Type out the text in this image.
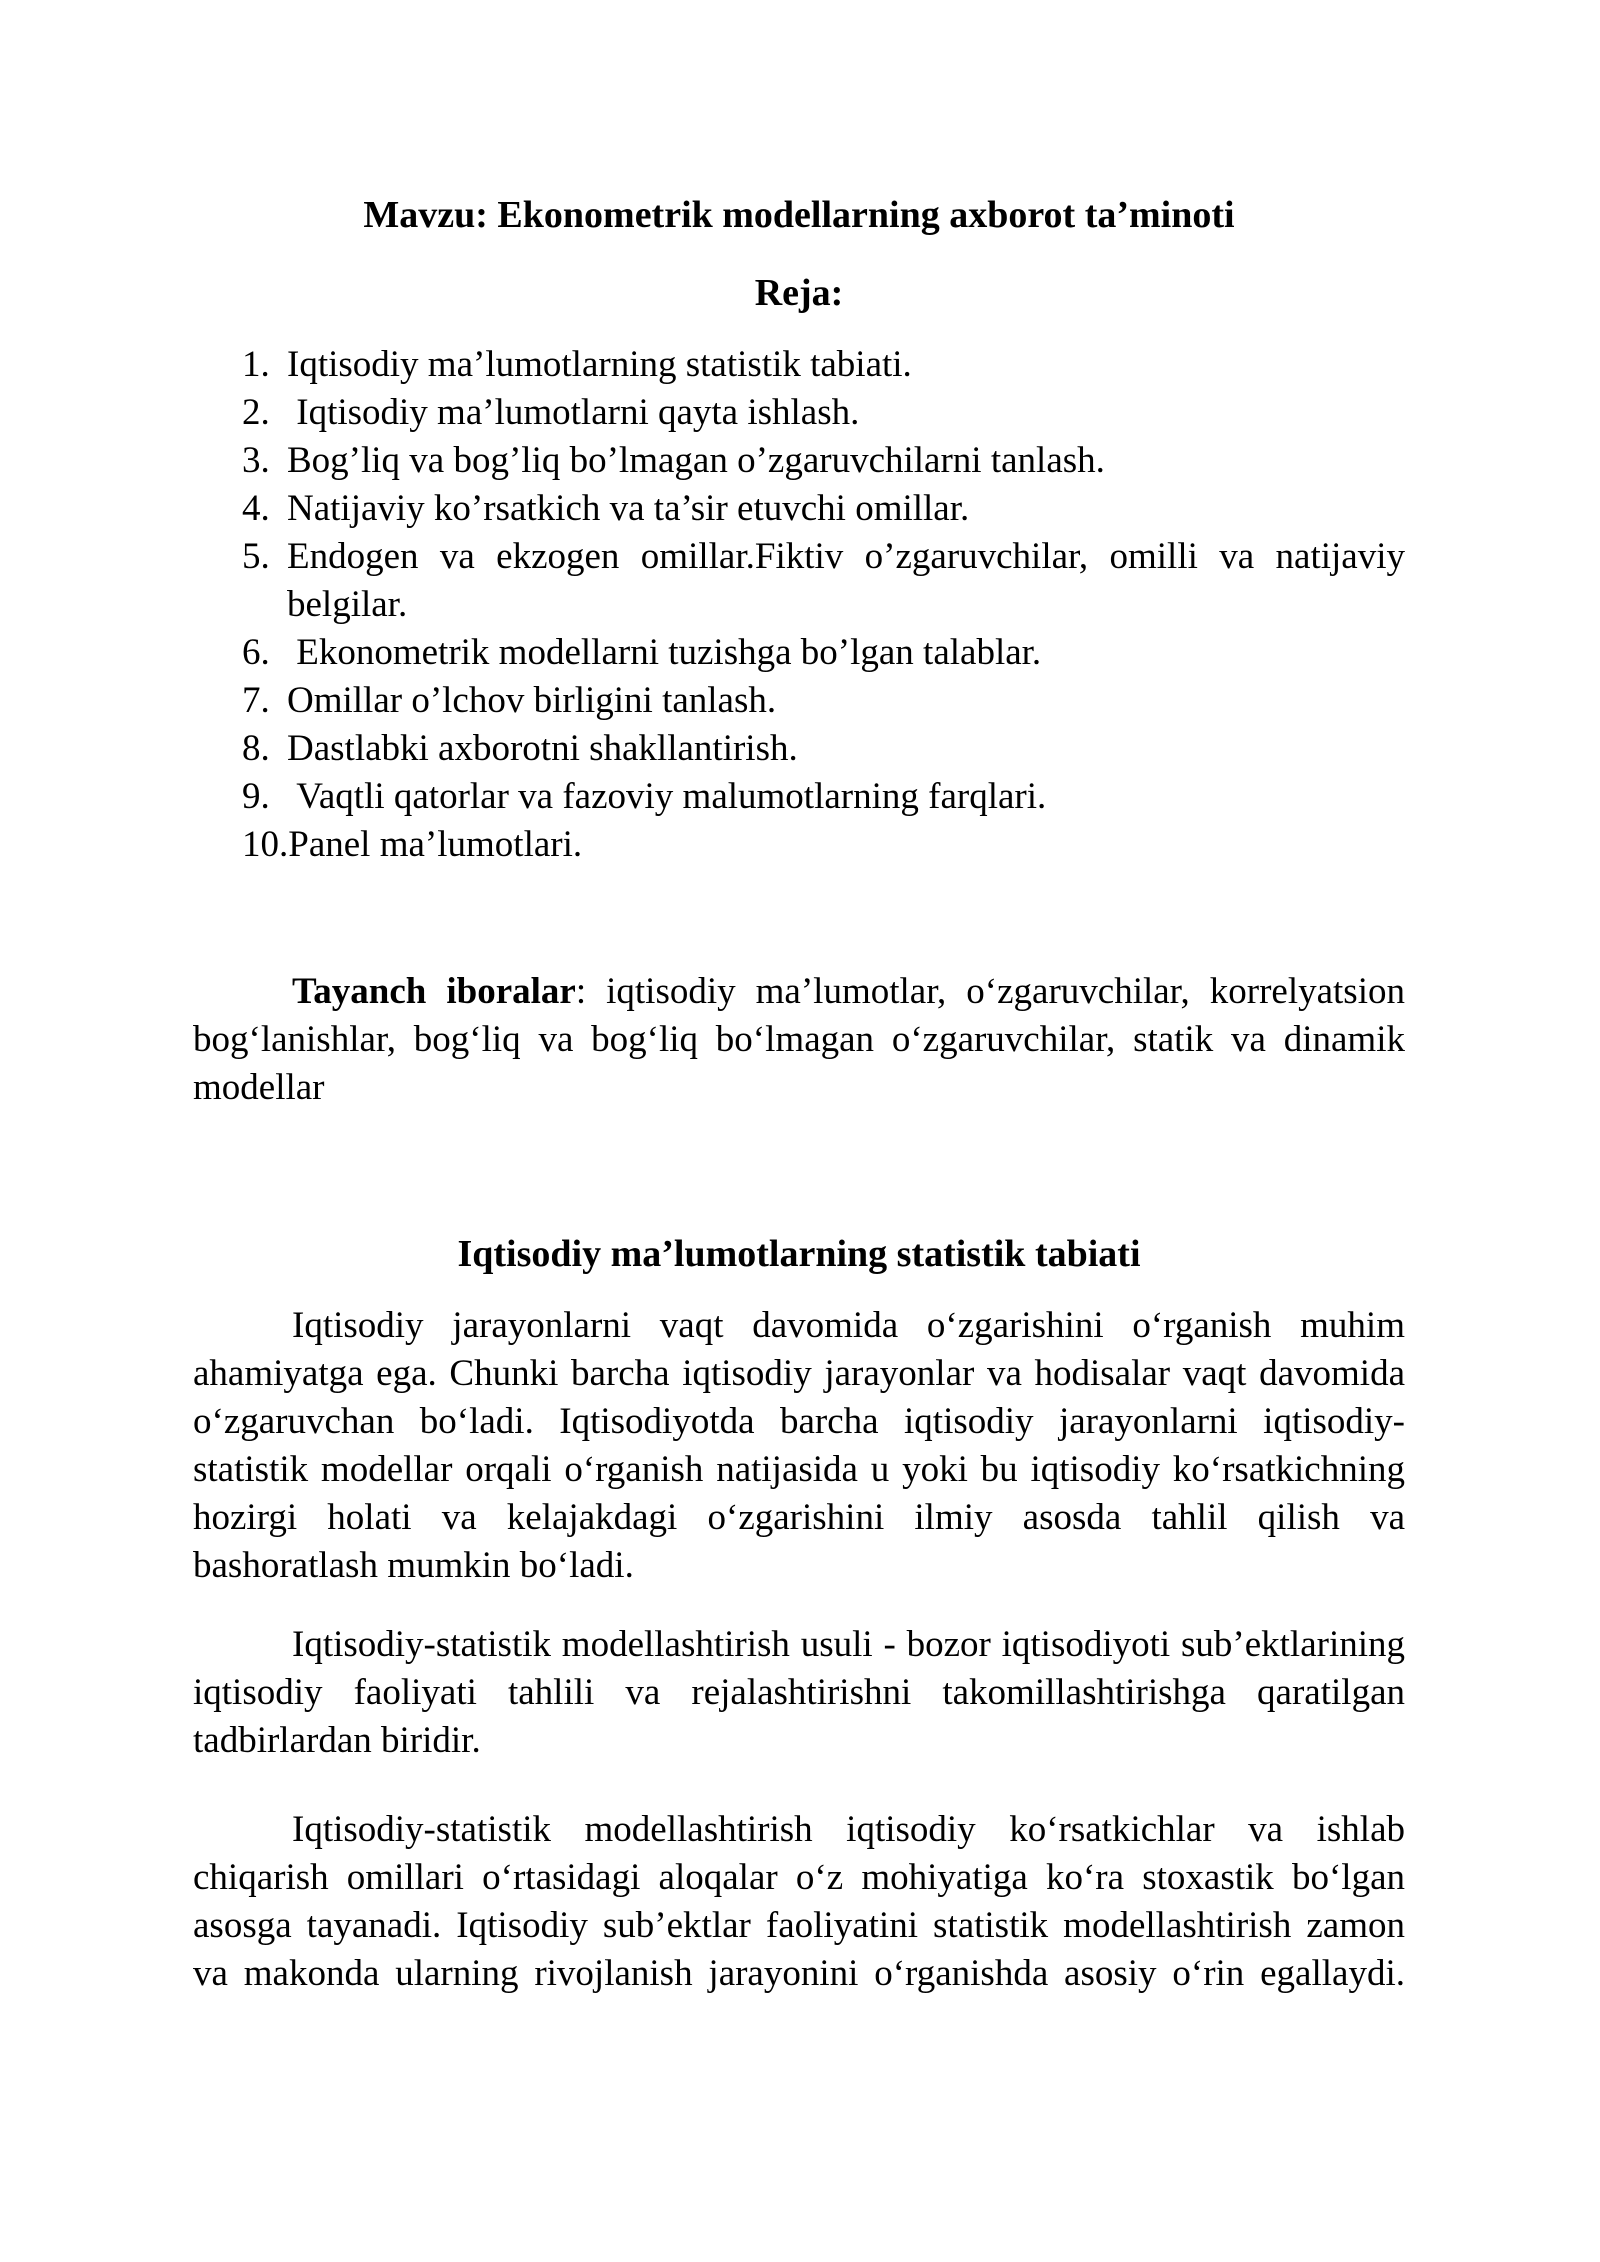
Mavzu: Ekonometrik modellarning axborot ta’minoti
Reja:
1. Iqtisodiy ma’lumotlarning statistik tabiati.
2. Iqtisodiy ma’lumotlarni qayta ishlash.
3. Bog’liq va bog’liq bo’lmagan o’zgaruvchilarni tanlash.
4. Natijaviy ko’rsatkich va ta’sir etuvchi omillar.
5. Endogen va ekzogen omillar.Fiktiv o’zgaruvchilar, omilli va natijaviy
belgilar.
6. Ekonometrik modellarni tuzishga bo’lgan talablar.
7. Omillar o’lchov birligini tanlash.
8. Dastlabki axborotni shakllantirish.
9. Vaqtli qatorlar va fazoviy malumotlarning farqlari.
10.Panel ma’lumotlari.
Tayanch iboralar: iqtisodiy ma’lumotlar, o‘zgaruvchilar, korrelyatsion
bog‘lanishlar, bog‘liq va bog‘liq bo‘lmagan o‘zgaruvchilar, statik va dinamik
modellar
Iqtisodiy ma’lumotlarning statistik tabiati
Iqtisodiy jarayonlarni vaqt davomida o‘zgarishini o‘rganish muhim
ahamiyatga ega. Chunki barcha iqtisodiy jarayonlar va hodisalar vaqt davomida
o‘zgaruvchan bo‘ladi. Iqtisodiyotda barcha iqtisodiy jarayonlarni iqtisodiy-
statistik modellar orqali o‘rganish natijasida u yoki bu iqtisodiy ko‘rsatkichning
hozirgi holati va kelajakdagi o‘zgarishini ilmiy asosda tahlil qilish va
bashoratlash mumkin bo‘ladi.
Iqtisodiy-statistik modellashtirish usuli - bozor iqtisodiyoti sub’ektlarining
iqtisodiy faoliyati tahlili va rejalashtirishni takomillashtirishga qaratilgan
tadbirlardan biridir.
Iqtisodiy-statistik modellashtirish iqtisodiy ko‘rsatkichlar va ishlab
chiqarish omillari o‘rtasidagi aloqalar o‘z mohiyatiga ko‘ra stoxastik bo‘lgan
asosga tayanadi. Iqtisodiy sub’ektlar faoliyatini statistik modellashtirish zamon
va makonda ularning rivojlanish jarayonini o‘rganishda asosiy o‘rin egallaydi.
